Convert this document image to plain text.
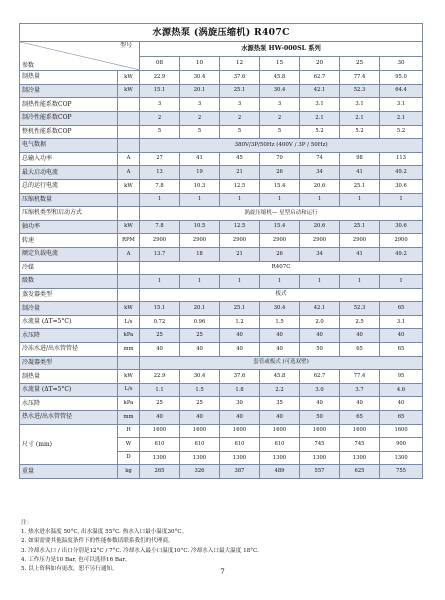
水源热泵 (涡旋压缩机) R407C								

参数
型号		水源热泵 HW-000SL 系列						
		08	10	12	15	20	25	30
制热量	kW	22.9	30.4	37.6	45.8	62.7	77.4	95.0
制冷量	kW	15.1	20.1	25.1	30.4	42.1	52.3	64.4
制热性能系数COP		3	3	3	3	3.1	3.1	3.1
制冷性能系数COP		2	2	2	2	2.1	2.1	2.1
整机性能系数COP		5	5	5	5	5.2	5.2	5.2
电气数据		380V/3P/50Hz (400V / 3P / 50Hz)						
总输入功率	A	27	41	45	70	74	98	113
最大启动电流	A	13	19	21	26	34	41	49.2
总的运行电流	kW	7.8	10.3	12.5	15.4	20.6	25.1	30.6
压缩机数量		1	1	1	1	1	1	1
压缩机类型和启动方式		涡旋压缩机— 星型启动和运行						
轴功率	kW	7.8	10.5	12.5	15.4	20.6	25.1	30.6
转速	RPM	2900	2900	2900	2900	2900	2900	2900
额定负载电流	A	13.7	18	21	26	34	41	49.2
冷媒		R407C						
级数		1	1	1	1	1	1	1
蒸发器类型		板式						
制冷量	kW	15.1	20.1	25.1	30.4	42.1	52.3	65
水流量 (ΔT=5°C)	L/s	0.72	0.96	1.2	1.5	2.0	2.5	3.1
水压降	kPa	25	25	40	40	40	40	40
冷冻水进/出水管管径	mm	40	40	40	40	50	65	65
冷凝器类型		套管或板式 (可选双壁)						
制热量	kW	22.9	30.4	37.6	45.8	62.7	77.4	95
水流量 (ΔT=5°C)	L/s	1.1	1.5	1.8	2.2	3.0	3.7	4.6
水压降	kPa	25	25	30	35	40	40	40
热水进/出水管管径	mm	40	40	40	40	50	65	65
尺寸 (mm)	H	1600	1600	1600	1600	1600	1600	1600
	W	610	610	610	610	745	745	900
	D	1300	1300	1300	1300	1300	1300	1300
重量	kg	265	326	387	489	557	625	755
注：
1. 热水进水温度 50°C, 出水温度 55°C. 热水入口最小温度30°C。
2. 如果需要其他温度条件下的性能参数请联系我们的代理商。
3. 冷却水入口 / 出口分别是12°C / 7°C. 冷却水入最小口温度10°C. 冷却水入口最大温度 18°C.
4. 工作压力是10 Bar, 也可以选择16 Bar。
5. 以上资料如有更改，恕不另行通知。	7
